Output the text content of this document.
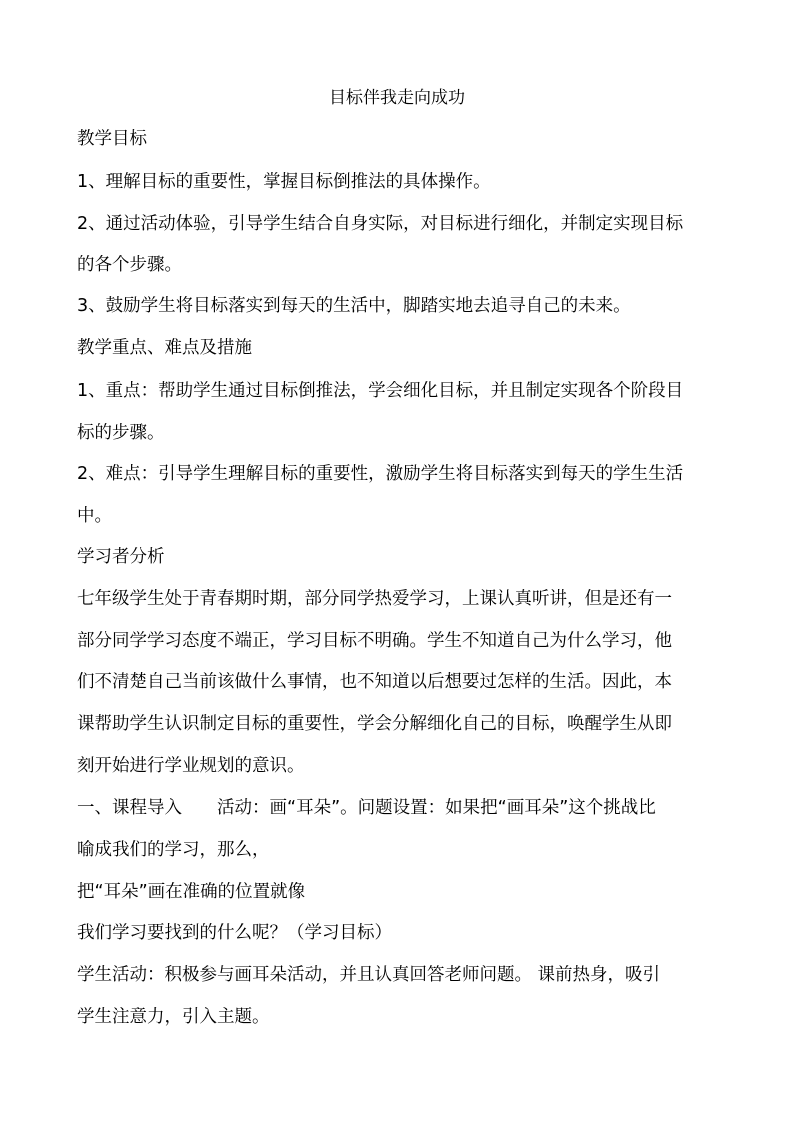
目标伴我走向成功
教学目标
1、理解目标的重要性，掌握目标倒推法的具体操作。
2、通过活动体验，引导学生结合自身实际，对目标进行细化，并制定实现目标
的各个步骤。
3、鼓励学生将目标落实到每天的生活中，脚踏实地去追寻自己的未来。
教学重点、难点及措施
1、重点：帮助学生通过目标倒推法，学会细化目标，并且制定实现各个阶段目
标的步骤。
2、难点：引导学生理解目标的重要性，激励学生将目标落实到每天的学生生活
中。
学习者分析
七年级学生处于青春期时期，部分同学热爱学习，上课认真听讲，但是还有一
部分同学学习态度不端正，学习目标不明确。学生不知道自己为什么学习，他
们不清楚自己当前该做什么事情，也不知道以后想要过怎样的生活。因此，本
课帮助学生认识制定目标的重要性，学会分解细化自己的目标，唤醒学生从即
刻开始进行学业规划的意识。
一、课程导入　　活动：画“耳朵”。问题设置：如果把“画耳朵”这个挑战比
喻成我们的学习，那么，
把“耳朵”画在准确的位置就像
我们学习要找到的什么呢？（学习目标）
学生活动：积极参与画耳朵活动，并且认真回答老师问题。 课前热身，吸引
学生注意力，引入主题。
